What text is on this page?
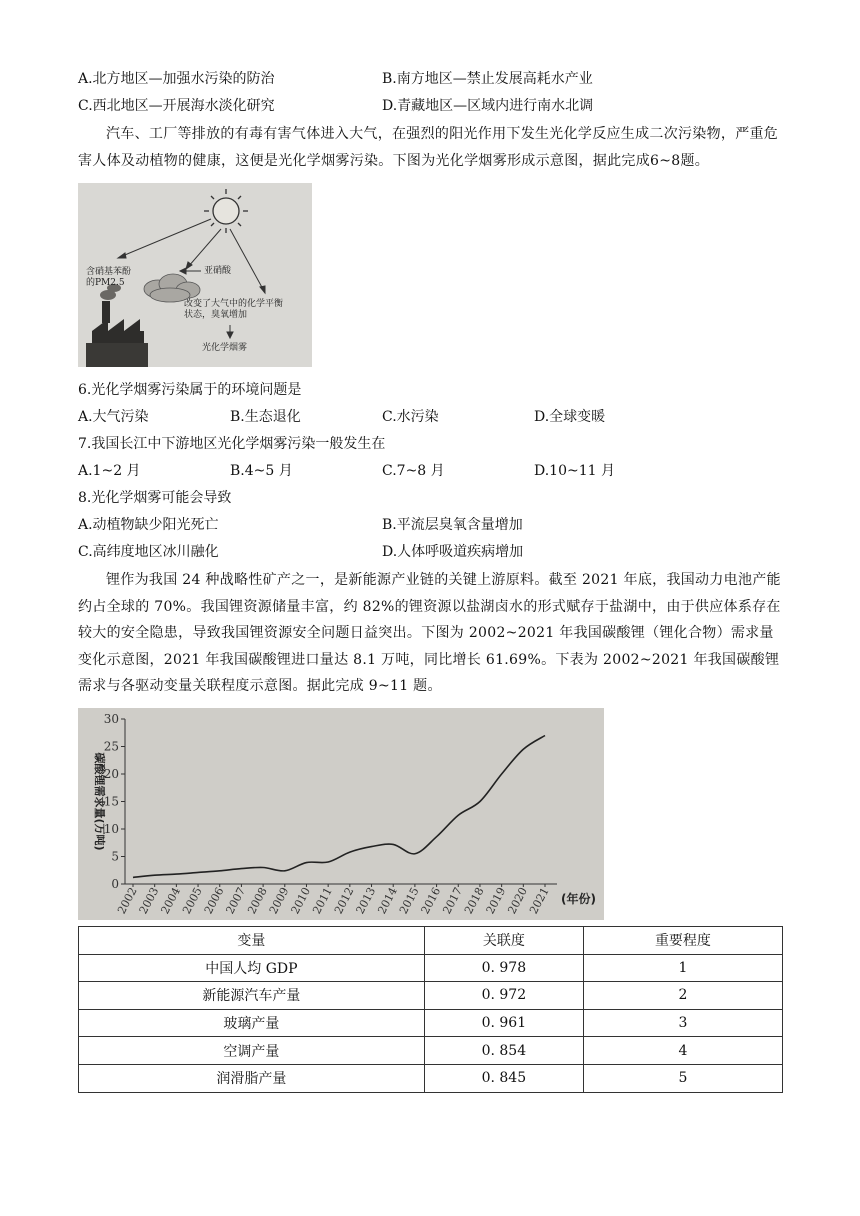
A.北方地区—加强水污染的防治	B.南方地区—禁止发展高耗水产业
C.西北地区—开展海水淡化研究	D.青藏地区—区域内进行南水北调
汽车、工厂等排放的有毒有害气体进入大气，在强烈的阳光作用下发生光化学反应生成二次污染物，严重危害人体及动植物的健康，这便是光化学烟雾污染。下图为光化学烟雾形成示意图，据此完成6~8题。
含硝基苯酚
的PM2.5
亚硝酸
改变了大气中的化学平衡
状态，臭氧增加
光化学烟雾
6.光化学烟雾污染属于的环境问题是
A.大气污染	B.生态退化	C.水污染	D.全球变暖
7.我国长江中下游地区光化学烟雾污染一般发生在
A.1~2 月	B.4~5 月	C.7~8 月	D.10~11 月
8.光化学烟雾可能会导致
A.动植物缺少阳光死亡	B.平流层臭氧含量增加
C.高纬度地区冰川融化	D.人体呼吸道疾病增加
锂作为我国 24 种战略性矿产之一，是新能源产业链的关键上游原料。截至 2021 年底，我国动力电池产能约占全球的 70%。我国锂资源储量丰富，约 82%的锂资源以盐湖卤水的形式赋存于盐湖中，由于供应体系存在较大的安全隐患，导致我国锂资源安全问题日益突出。下图为 2002~2021 年我国碳酸锂（锂化合物）需求量变化示意图，2021 年我国碳酸锂进口量达 8.1 万吨，同比增长 61.69%。下表为 2002~2021 年我国碳酸锂需求与各驱动变量关联程度示意图。据此完成 9~11 题。
0
5
10
15
20
25
30
2002
2003
2004
2005
2006
2007
2008
2009
2010
2011
2012
2013
2014
2015
2016
2017
2018
2019
2020
2021 (年份)
碳酸锂需求量(万吨)
变量	关联度	重要程度
中国人均 GDP	0. 978	1
新能源汽车产量	0. 972	2
玻璃产量	0. 961	3
空调产量	0. 854	4
润滑脂产量	0. 845	5
